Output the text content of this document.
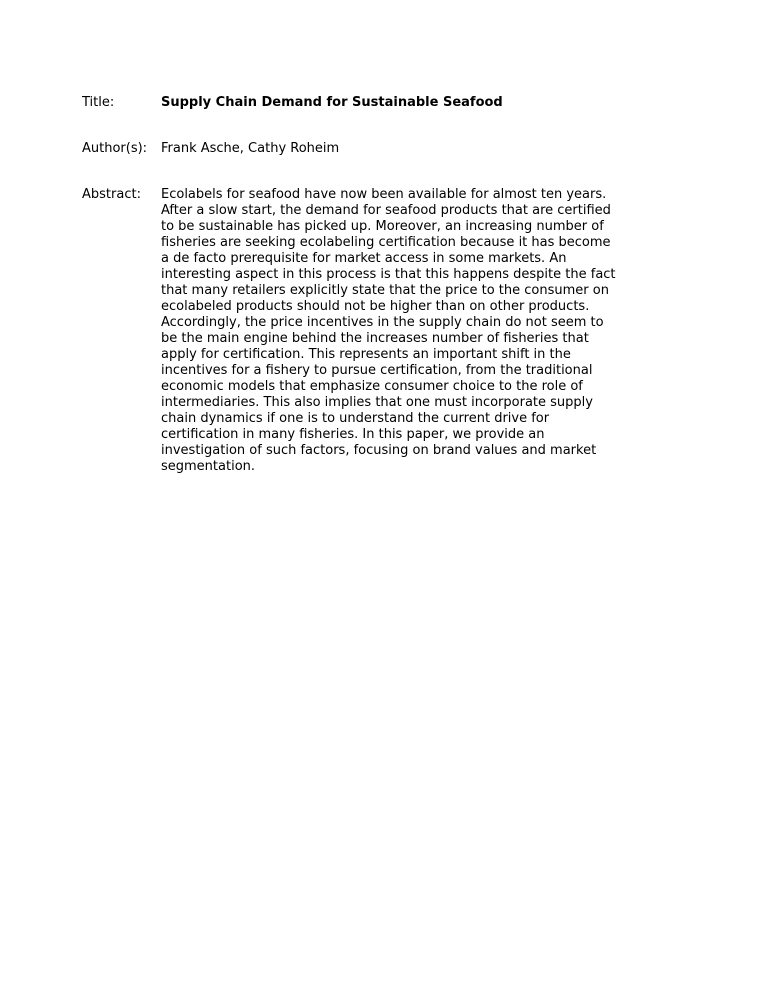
Title:	Supply Chain Demand for Sustainable Seafood
Author(s):	Frank Asche, Cathy Roheim
Abstract:	Ecolabels for seafood have now been available for almost ten years. After a slow start, the demand for seafood products that are certified to be sustainable has picked up. Moreover, an increasing number of fisheries are seeking ecolabeling certification because it has become a de facto prerequisite for market access in some markets. An interesting aspect in this process is that this happens despite the fact that many retailers explicitly state that the price to the consumer on ecolabeled products should not be higher than on other products. Accordingly, the price incentives in the supply chain do not seem to be the main engine behind the increases number of fisheries that apply for certification. This represents an important shift in the incentives for a fishery to pursue certification, from the traditional economic models that emphasize consumer choice to the role of intermediaries. This also implies that one must incorporate supply chain dynamics if one is to understand the current drive for certification in many fisheries. In this paper, we provide an investigation of such factors, focusing on brand values and market segmentation.
